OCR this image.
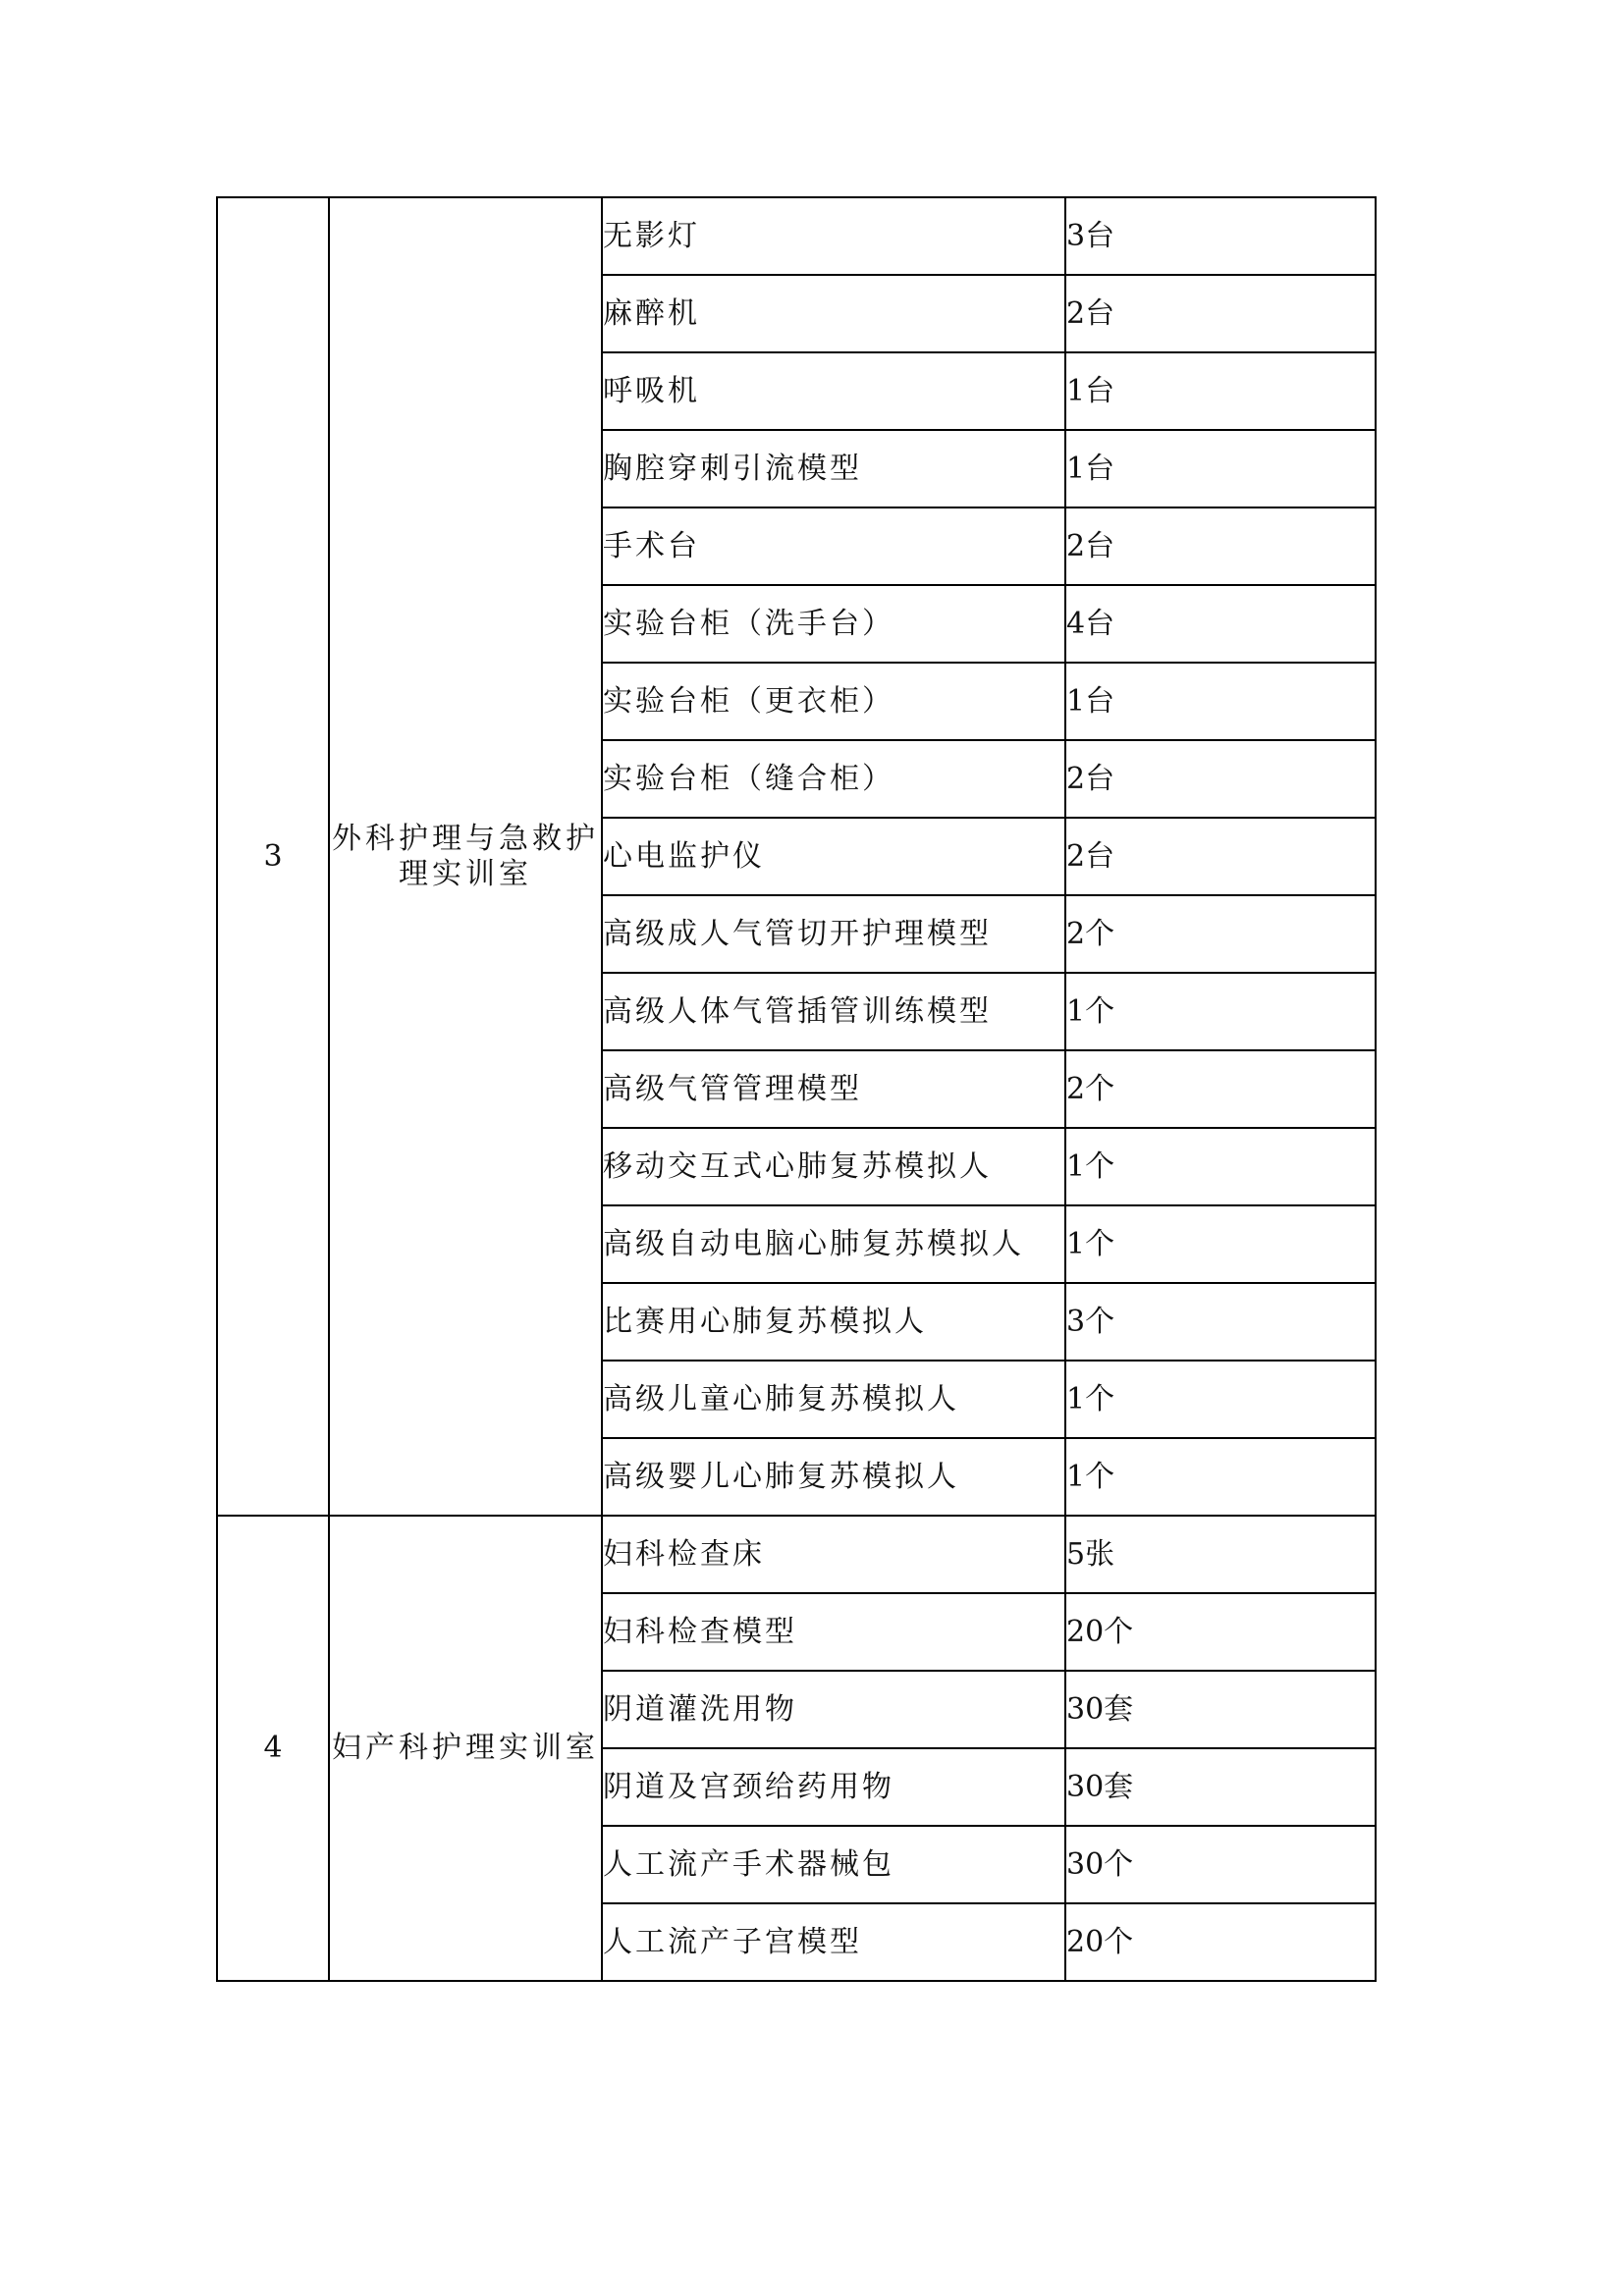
3	外科护理与急救护理实训室	无影灯	3台
		麻醉机	2台
		呼吸机	1台
		胸腔穿刺引流模型	1台
		手术台	2台
		实验台柜（洗手台）	4台
		实验台柜（更衣柜）	1台
		实验台柜（缝合柜）	2台
		心电监护仪	2台
		高级成人气管切开护理模型	2个
		高级人体气管插管训练模型	1个
		高级气管管理模型	2个
		移动交互式心肺复苏模拟人	1个
		高级自动电脑心肺复苏模拟人	1个
		比赛用心肺复苏模拟人	3个
		高级儿童心肺复苏模拟人	1个
		高级婴儿心肺复苏模拟人	1个
4	妇产科护理实训室	妇科检查床	5张
		妇科检查模型	20个
		阴道灌洗用物	30套
		阴道及宫颈给药用物	30套
		人工流产手术器械包	30个
		人工流产子宫模型	20个
